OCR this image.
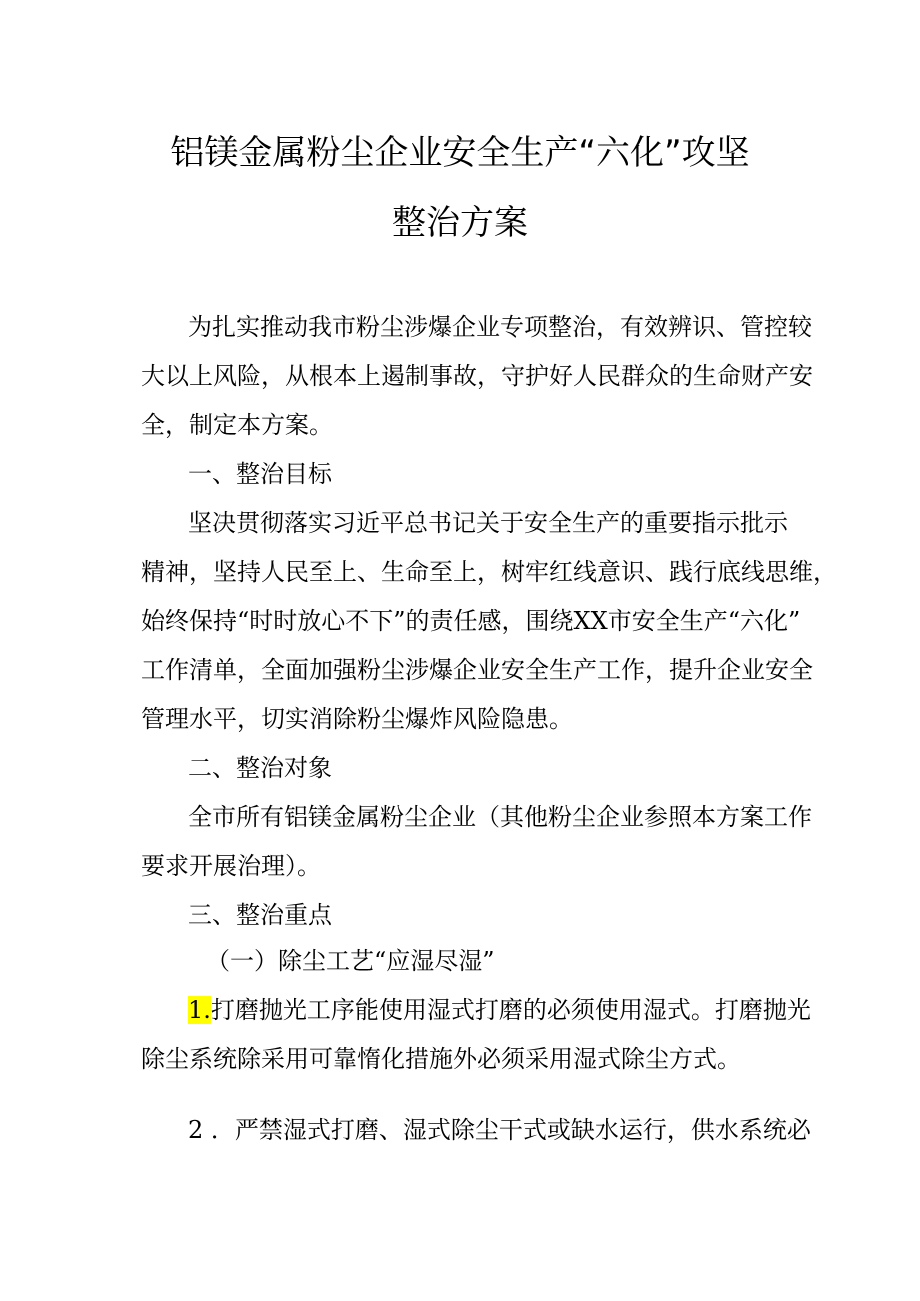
铝镁金属粉尘企业安全生产“六化”攻坚
整治方案
为扎实推动我市粉尘涉爆企业专项整治，有效辨识、管控较
大以上风险，从根本上遏制事故，守护好人民群众的生命财产安
全，制定本方案。
一、整治目标
坚决贯彻落实习近平总书记关于安全生产的重要指示批示
精神，坚持人民至上、生命至上，树牢红线意识、践行底线思维，
始终保持“时时放心不下”的责任感，围绕XX市安全生产“六化”
工作清单，全面加强粉尘涉爆企业安全生产工作，提升企业安全
管理水平，切实消除粉尘爆炸风险隐患。
二、整治对象
全市所有铝镁金属粉尘企业（其他粉尘企业参照本方案工作
要求开展治理）。
三、整治重点
（一）除尘工艺“应湿尽湿”
1.打磨抛光工序能使用湿式打磨的必须使用湿式。打磨抛光
除尘系统除采用可靠惰化措施外必须采用湿式除尘方式。
2 ．严禁湿式打磨、湿式除尘干式或缺水运行，供水系统必
